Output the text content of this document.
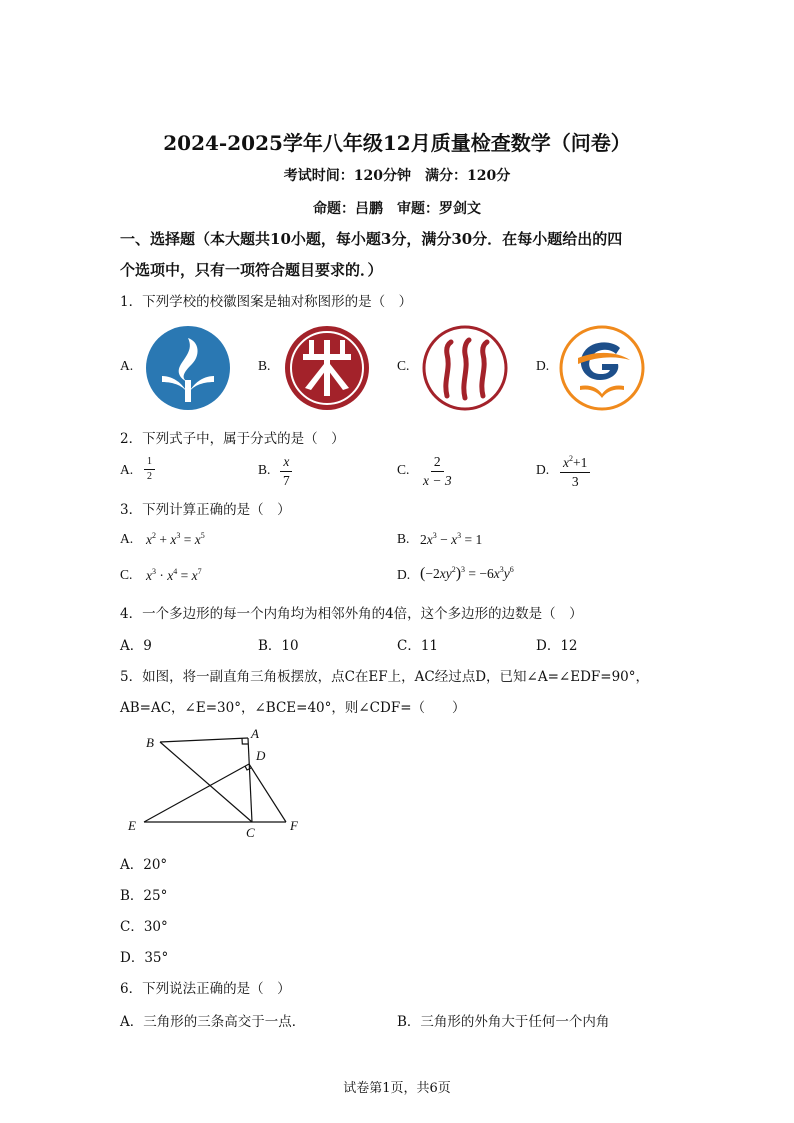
2024-2025学年八年级12月质量检查数学（问卷）
考试时间：120分钟　满分：120分
命题：吕鹏　审题：罗剑文
一、选择题（本大题共10小题，每小题3分，满分30分．在每小题给出的四
个选项中，只有一项符合题目要求的．）
1．下列学校的校徽图案是轴对称图形的是（　）
A.	B.	C.	D.
2．下列式子中，属于分式的是（　）
A. $\frac{1}{2}$	B. $\frac{x}{7}$	C. $\frac{2}{x - 3}$	D. $\frac{x^2+1}{3}$
3．下列计算正确的是（　）
A. $x^2 + x^3 = x^5$	B. $2x^3 - x^3 = 1$
C. $x^3 \cdot x^4 = x^7$	D. $(-2xy^2)^3 = -6x^3y^6$
4．一个多边形的每一个内角均为相邻外角的4倍，这个多边形的边数是（　）
A．9	B．10	C．11	D．12
5．如图，将一副直角三角板摆放，点C在EF上，AC经过点D，已知∠A=∠EDF=90°，
AB=AC，∠E=30°，∠BCE=40°，则∠CDF=（　　）
B
A
D
E	C	F
A．20°
B．25°
C．30°
D．35°
6．下列说法正确的是（　）
A．三角形的三条高交于一点．	B．三角形的外角大于任何一个内角
试卷第1页，共6页
